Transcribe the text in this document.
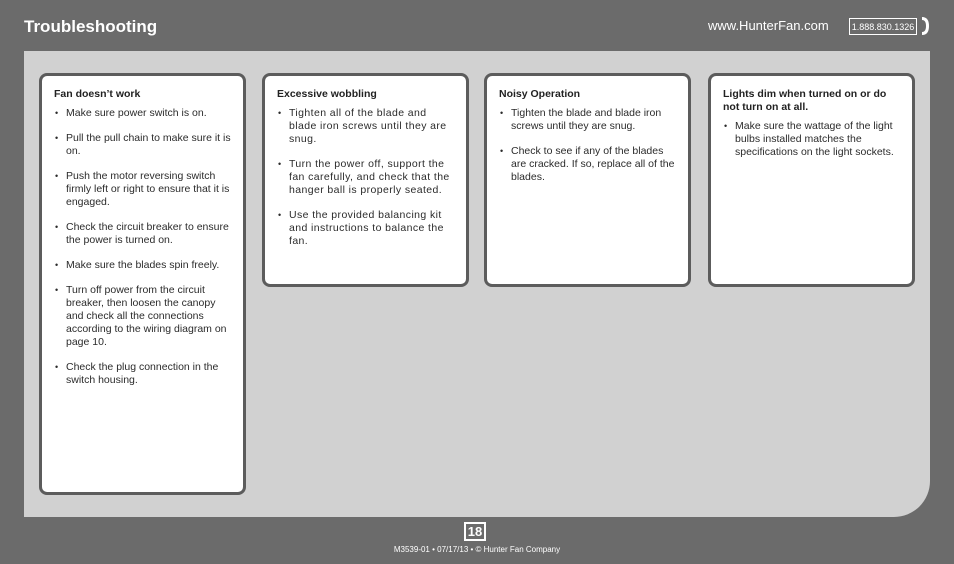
Troubleshooting	www.HunterFan.com	1.888.830.1326
Fan doesn’t work
• Make sure power switch is on.
• Pull the pull chain to make sure it is on.
• Push the motor reversing switch firmly left or right to ensure that it is engaged.
• Check the circuit breaker to ensure the power is turned on.
• Make sure the blades spin freely.
• Turn off power from the circuit breaker, then loosen the canopy and check all the connections according to the wiring diagram on page 10.
• Check the plug connection in the switch housing.
Excessive wobbling
• Tighten all of the blade and blade iron screws until they are snug.
• Turn the power off, support the fan carefully, and check that the hanger ball is properly seated.
• Use the provided balancing kit and instructions to balance the fan.
Noisy Operation
• Tighten the blade and blade iron screws until they are snug.
• Check to see if any of the blades are cracked. If so, replace all of the blades.
Lights dim when turned on or do not turn on at all.
• Make sure the wattage of the light bulbs installed matches the specifications on the light sockets.
18
M3539-01 • 07/17/13 • © Hunter Fan Company
